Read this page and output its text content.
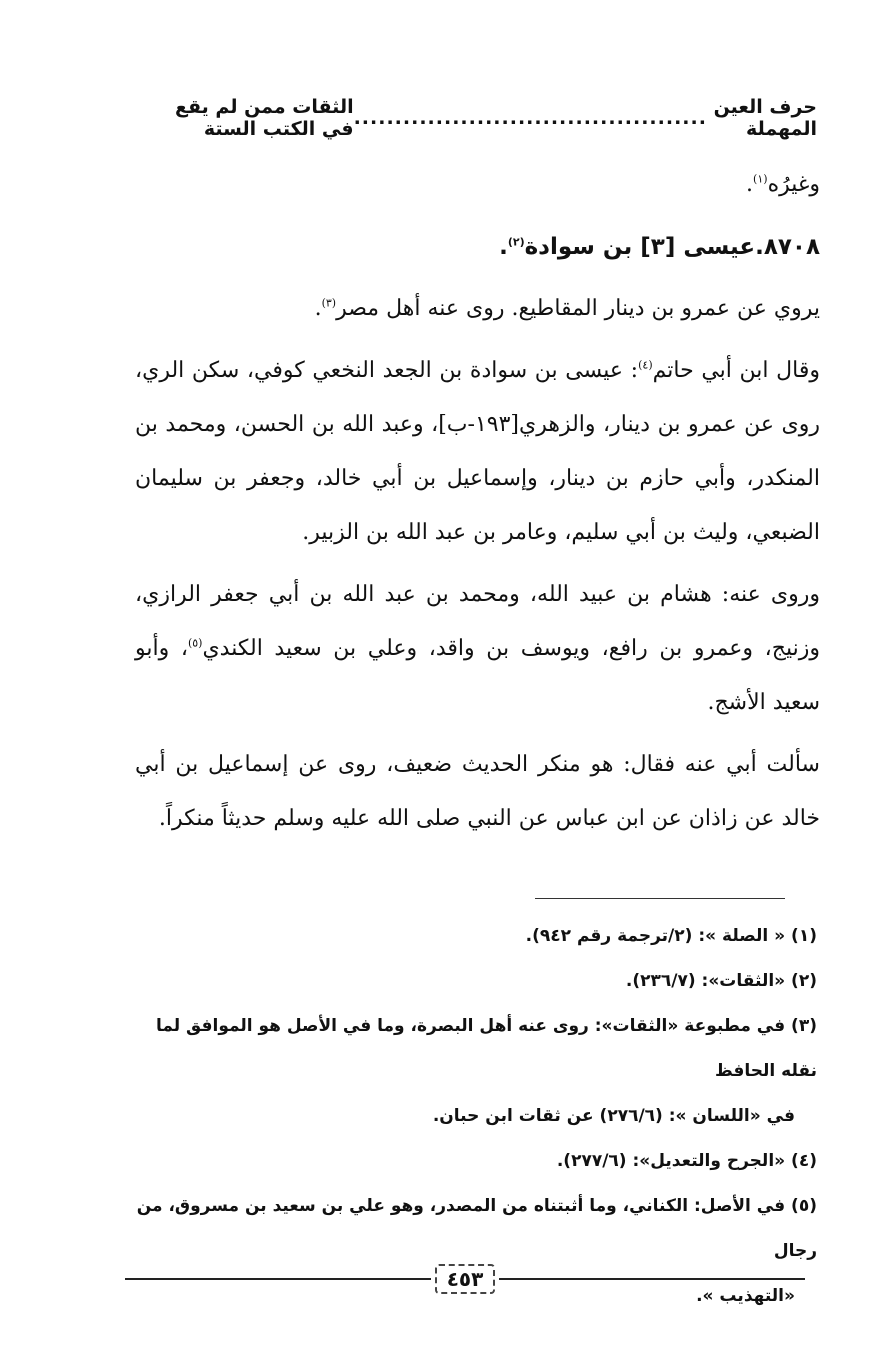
حرف العين المهملة
...........................................
الثقات ممن لم يقع في الكتب الستة

وغيرُه$^{(١)}$.

٨٧٠٨.عيسى [٣] بن سوادة$^{(٢)}$.

يروي عن عمرو بن دينار المقاطيع. روى عنه أهل مصر$^{(٣)}$.

وقال ابن أبي حاتم$^{(٤)}$: عيسى بن سوادة بن الجعد النخعي كوفي، سكن الري، روى عن عمرو بن دينار، والزهري[١٩٣-ب]، وعبد الله بن الحسن، ومحمد بن المنكدر، وأبي حازم بن دينار، وإسماعيل بن أبي خالد، وجعفر بن سليمان الضبعي، وليث بن أبي سليم، وعامر بن عبد الله بن الزبير.

وروى عنه: هشام بن عبيد الله، ومحمد بن عبد الله بن أبي جعفر الرازي، وزنيج، وعمرو بن رافع، ويوسف بن واقد، وعلي بن سعيد الكندي$^{(٥)}$، وأبو سعيد الأشج.

سألت أبي عنه فقال: هو منكر الحديث ضعيف، روى عن إسماعيل بن أبي خالد عن زاذان عن ابن عباس عن النبي صلى الله عليه وسلم حديثاً منكراً.

(١) « الصلة »: (٢/ترجمة رقم ٩٤٢).

(٢) «الثقات»: (٢٣٦/٧).

(٣) في مطبوعة «الثقات»: روى عنه أهل البصرة، وما في الأصل هو الموافق لما نقله الحافظ

في «اللسان »: (٢٧٦/٦) عن ثقات ابن حبان.

(٤) «الجرح والتعديل»: (٢٧٧/٦).

(٥) في الأصل: الكناني، وما أثبتناه من المصدر، وهو علي بن سعيد بن مسروق، من رجال

«التهذيب ».

٤٥٣
